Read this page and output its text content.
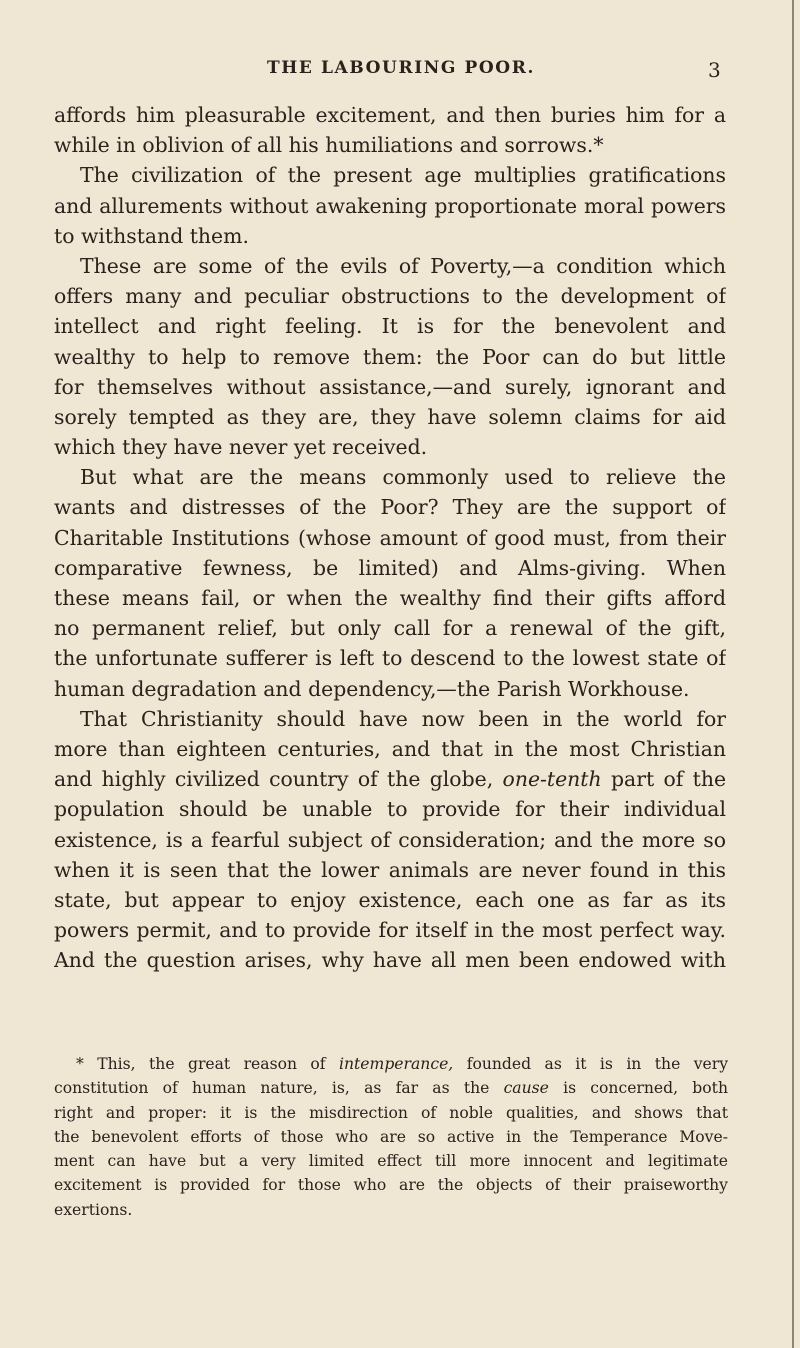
THE LABOURING POOR.	3
affords him pleasurable excitement, and then buries him for a
while in oblivion of all his humiliations and sorrows.*
The civilization of the present age multiplies gratifications
and allurements without awakening proportionate moral powers
to withstand them.
These are some of the evils of Poverty,—a condition which
offers many and peculiar obstructions to the development of
intellect and right feeling. It is for the benevolent and
wealthy to help to remove them: the Poor can do but little
for themselves without assistance,—and surely, ignorant and
sorely tempted as they are, they have solemn claims for aid
which they have never yet received.
But what are the means commonly used to relieve the
wants and distresses of the Poor? They are the support of
Charitable Institutions (whose amount of good must, from their
comparative fewness, be limited) and Alms-giving. When
these means fail, or when the wealthy find their gifts afford
no permanent relief, but only call for a renewal of the gift,
the unfortunate sufferer is left to descend to the lowest state of
human degradation and dependency,—the Parish Workhouse.
That Christianity should have now been in the world for
more than eighteen centuries, and that in the most Christian
and highly civilized country of the globe, one-tenth part of the
population should be unable to provide for their individual
existence, is a fearful subject of consideration; and the more so
when it is seen that the lower animals are never found in this
state, but appear to enjoy existence, each one as far as its
powers permit, and to provide for itself in the most perfect way.
And the question arises, why have all men been endowed with
* This, the great reason of intemperance, founded as it is in the very
constitution of human nature, is, as far as the cause is concerned, both
right and proper: it is the misdirection of noble qualities, and shows that
the benevolent efforts of those who are so active in the Temperance Move-
ment can have but a very limited effect till more innocent and legitimate
excitement is provided for those who are the objects of their praiseworthy
exertions.
